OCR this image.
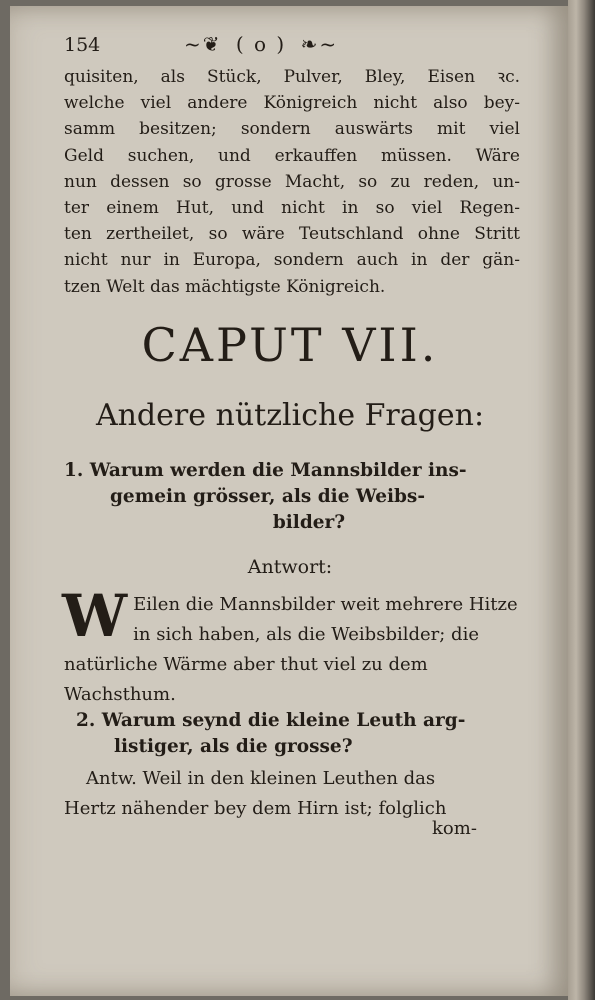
154	~❦ ( o ) ❧~
quisiten, als Stück, Pulver, Bley, Eisen ꝛc.
welche viel andere Königreich nicht also bey-
samm besitzen; sondern auswärts mit viel
Geld suchen, und erkauffen müssen. Wäre
nun dessen so grosse Macht, so zu reden, un-
ter einem Hut, und nicht in so viel Regen-
ten zertheilet, so wäre Teutschland ohne Stritt
nicht nur in Europa, sondern auch in der gän-
tzen Welt das mächtigste Königreich.
CAPUT VII.
Andere nützliche Fragen:
1. Warum werden die Mannsbilder ins-
gemein grösser, als die Weibs-
bilder?
Antwort:
W Eilen die Mannsbilder weit mehrere Hitze
in sich haben, als die Weibsbilder; die
natürliche Wärme aber thut viel zu dem
Wachsthum.
2. Warum seynd die kleine Leuth arg-
listiger, als die grosse?
Antw. Weil in den kleinen Leuthen das
Hertz nähender bey dem Hirn ist; folglich
kom-
